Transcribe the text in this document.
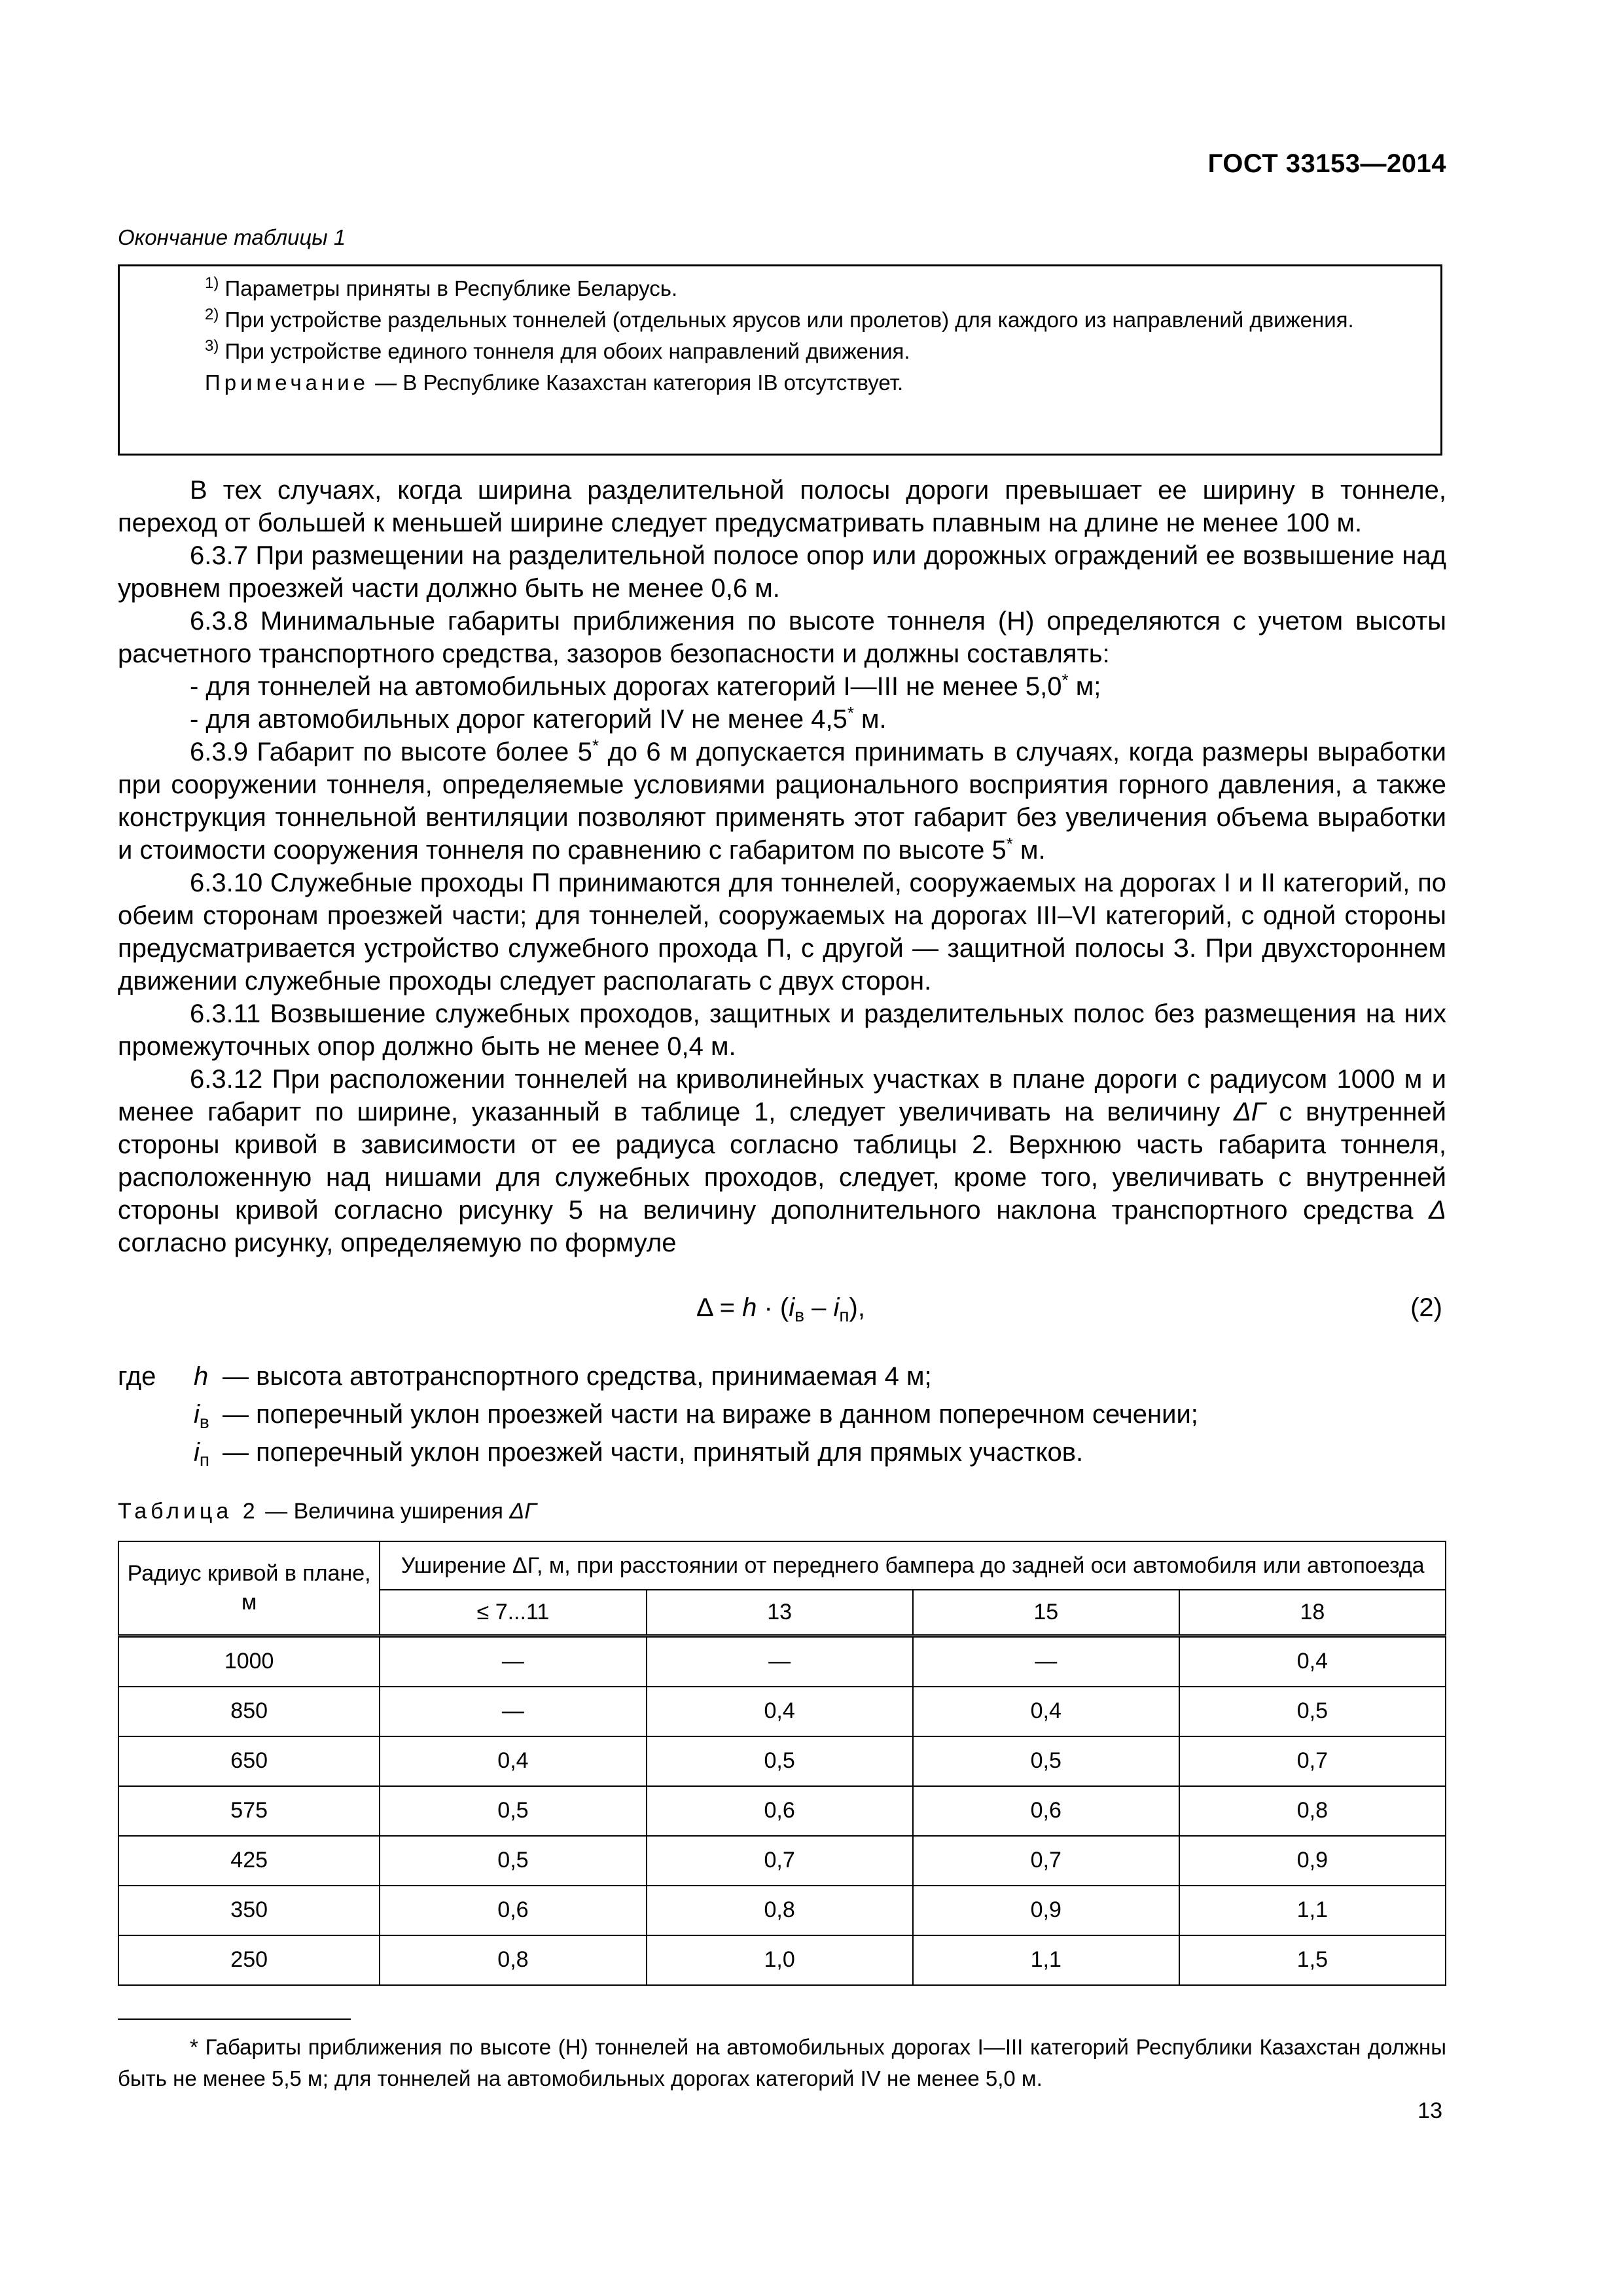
ГОСТ 33153—2014
Окончание таблицы 1
$^{1)}$ Параметры приняты в Республике Беларусь.
$^{2)}$ При устройстве раздельных тоннелей (отдельных ярусов или пролетов) для каждого из направлений движения.
$^{3)}$ При устройстве единого тоннеля для обоих направлений движения.
Примечание — В Республике Казахстан категория IВ отсутствует.

В тех случаях, когда ширина разделительной полосы дороги превышает ее ширину в тоннеле, переход от большей к меньшей ширине следует предусматривать плавным на длине не менее 100 м.

6.3.7 При размещении на разделительной полосе опор или дорожных ограждений ее возвышение над уровнем проезжей части должно быть не менее 0,6 м.

6.3.8 Минимальные габариты приближения по высоте тоннеля (Н) определяются с учетом высоты расчетного транспортного средства, зазоров безопасности и должны составлять:

- для тоннелей на автомобильных дорогах категорий I—III не менее 5,0* м;

- для автомобильных дорог категорий IV не менее 4,5* м.

6.3.9 Габарит по высоте более 5* до 6 м допускается принимать в случаях, когда размеры выработки при сооружении тоннеля, определяемые условиями рационального восприятия горного давления, а также конструкция тоннельной вентиляции позволяют применять этот габарит без увеличения объема выработки и стоимости сооружения тоннеля по сравнению с габаритом по высоте 5* м.

6.3.10 Служебные проходы П принимаются для тоннелей, сооружаемых на дорогах I и II категорий, по обеим сторонам проезжей части; для тоннелей, сооружаемых на дорогах III–VI категорий, с одной стороны предусматривается устройство служебного прохода П, с другой — защитной полосы З. При двухстороннем движении служебные проходы следует располагать с двух сторон.

6.3.11 Возвышение служебных проходов, защитных и разделительных полос без размещения на них промежуточных опор должно быть не менее 0,4 м.

6.3.12 При расположении тоннелей на криволинейных участках в плане дороги с радиусом 1000 м и менее габарит по ширине, указанный в таблице 1, следует увеличивать на величину ΔГ с внутренней стороны кривой в зависимости от ее радиуса согласно таблицы 2. Верхнюю часть габарита тоннеля, расположенную над нишами для служебных проходов, следует, кроме того, увеличивать с внутренней стороны кривой согласно рисунку 5 на величину дополнительного наклона транспортного средства Δ согласно рисунку, определяемую по формуле

$\Delta = h \cdot (i_в - i_п)$,	(2)
где h — высота автотранспортного средства, принимаемая 4 м;
$i_в$ — поперечный уклон проезжей части на вираже в данном поперечном сечении;
$i_п$ — поперечный уклон проезжей части, принятый для прямых участков.
Таблица 2 — Величина уширения ΔГ
Радиус кривой в плане, м	Уширение ΔГ, м, при расстоянии от переднего бампера до задней оси автомобиля или автопоезда			
	≤ 7...11	13	15	18
1000	—	—	—	0,4
850	—	0,4	0,4	0,5
650	0,4	0,5	0,5	0,7
575	0,5	0,6	0,6	0,8
425	0,5	0,7	0,7	0,9
350	0,6	0,8	0,9	1,1
250	0,8	1,0	1,1	1,5
* Габариты приближения по высоте (Н) тоннелей на автомобильных дорогах I—III категорий Республики Казахстан должны быть не менее 5,5 м; для тоннелей на автомобильных дорогах категорий IV не менее 5,0 м.
13
